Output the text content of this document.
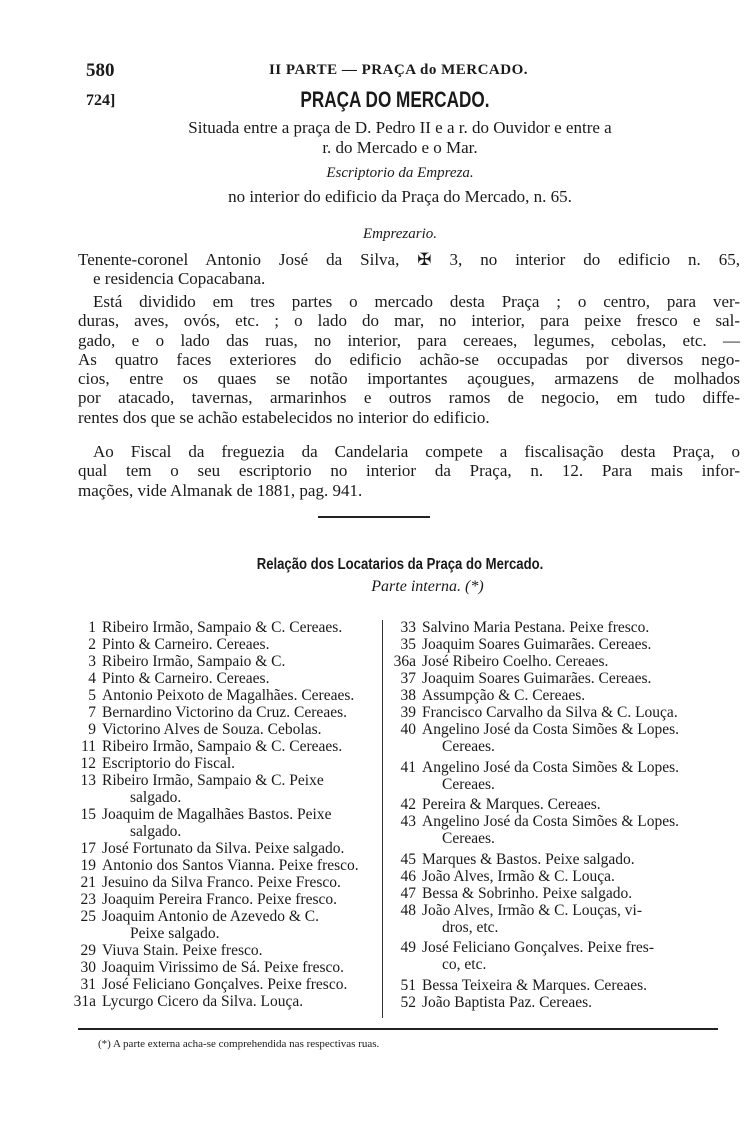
580	II PARTE — PRAÇA do MERCADO.
724]	PRAÇA DO MERCADO.
Situada entre a praça de D. Pedro II e a r. do Ouvidor e entre a
r. do Mercado e o Mar.
Escriptorio da Empreza.
no interior do edificio da Praça do Mercado, n. 65.
Emprezario.
Tenente-coronel Antonio José da Silva, ✠ 3, no interior do edificio n. 65,
e residencia Copacabana.
Está dividido em tres partes o mercado desta Praça ; o centro, para ver-
duras, aves, ovós, etc. ; o lado do mar, no interior, para peixe fresco e sal-
gado, e o lado das ruas, no interior, para cereaes, legumes, cebolas, etc. —
As quatro faces exteriores do edificio achão-se occupadas por diversos nego-
cios, entre os quaes se notão importantes açougues, armazens de molhados
por atacado, tavernas, armarinhos e outros ramos de negocio, em tudo diffe-
rentes dos que se achão estabelecidos no interior do edificio.
Ao Fiscal da freguezia da Candelaria compete a fiscalisação desta Praça, o
qual tem o seu escriptorio no interior da Praça, n. 12. Para mais infor-
mações, vide Almanak de 1881, pag. 941.
Relação dos Locatarios da Praça do Mercado.
Parte interna. (*)
1 Ribeiro Irmão, Sampaio & C. Cereaes.
2 Pinto & Carneiro. Cereaes.
3 Ribeiro Irmão, Sampaio & C.
4 Pinto & Carneiro. Cereaes.
5 Antonio Peixoto de Magalhães. Cereaes.
7 Bernardino Victorino da Cruz. Cereaes.
9 Victorino Alves de Souza. Cebolas.
11 Ribeiro Irmão, Sampaio & C. Cereaes.
12 Escriptorio do Fiscal.
13 Ribeiro Irmão, Sampaio & C. Peixe
salgado.
15 Joaquim de Magalhães Bastos. Peixe
salgado.
17 José Fortunato da Silva. Peixe salgado.
19 Antonio dos Santos Vianna. Peixe fresco.
21 Jesuino da Silva Franco. Peixe Fresco.
23 Joaquim Pereira Franco. Peixe fresco.
25 Joaquim Antonio de Azevedo & C.
Peixe salgado.
29 Viuva Stain. Peixe fresco.
30 Joaquim Virissimo de Sá. Peixe fresco.
31 José Feliciano Gonçalves. Peixe fresco.
31a Lycurgo Cicero da Silva. Louça.
33 Salvino Maria Pestana. Peixe fresco.
35 Joaquim Soares Guimarães. Cereaes.
36a José Ribeiro Coelho. Cereaes.
37 Joaquim Soares Guimarães. Cereaes.
38 Assumpção & C. Cereaes.
39 Francisco Carvalho da Silva & C. Louça.
40 Angelino José da Costa Simões & Lopes.
Cereaes.
41 Angelino José da Costa Simões & Lopes.
Cereaes.
42 Pereira & Marques. Cereaes.
43 Angelino José da Costa Simões & Lopes.
Cereaes.
45 Marques & Bastos. Peixe salgado.
46 João Alves, Irmão & C. Louça.
47 Bessa & Sobrinho. Peixe salgado.
48 João Alves, Irmão & C. Louças, vi-
dros, etc.
49 José Feliciano Gonçalves. Peixe fres-
co, etc.
51 Bessa Teixeira & Marques. Cereaes.
52 João Baptista Paz. Cereaes.
(*) A parte externa acha-se comprehendida nas respectivas ruas.
